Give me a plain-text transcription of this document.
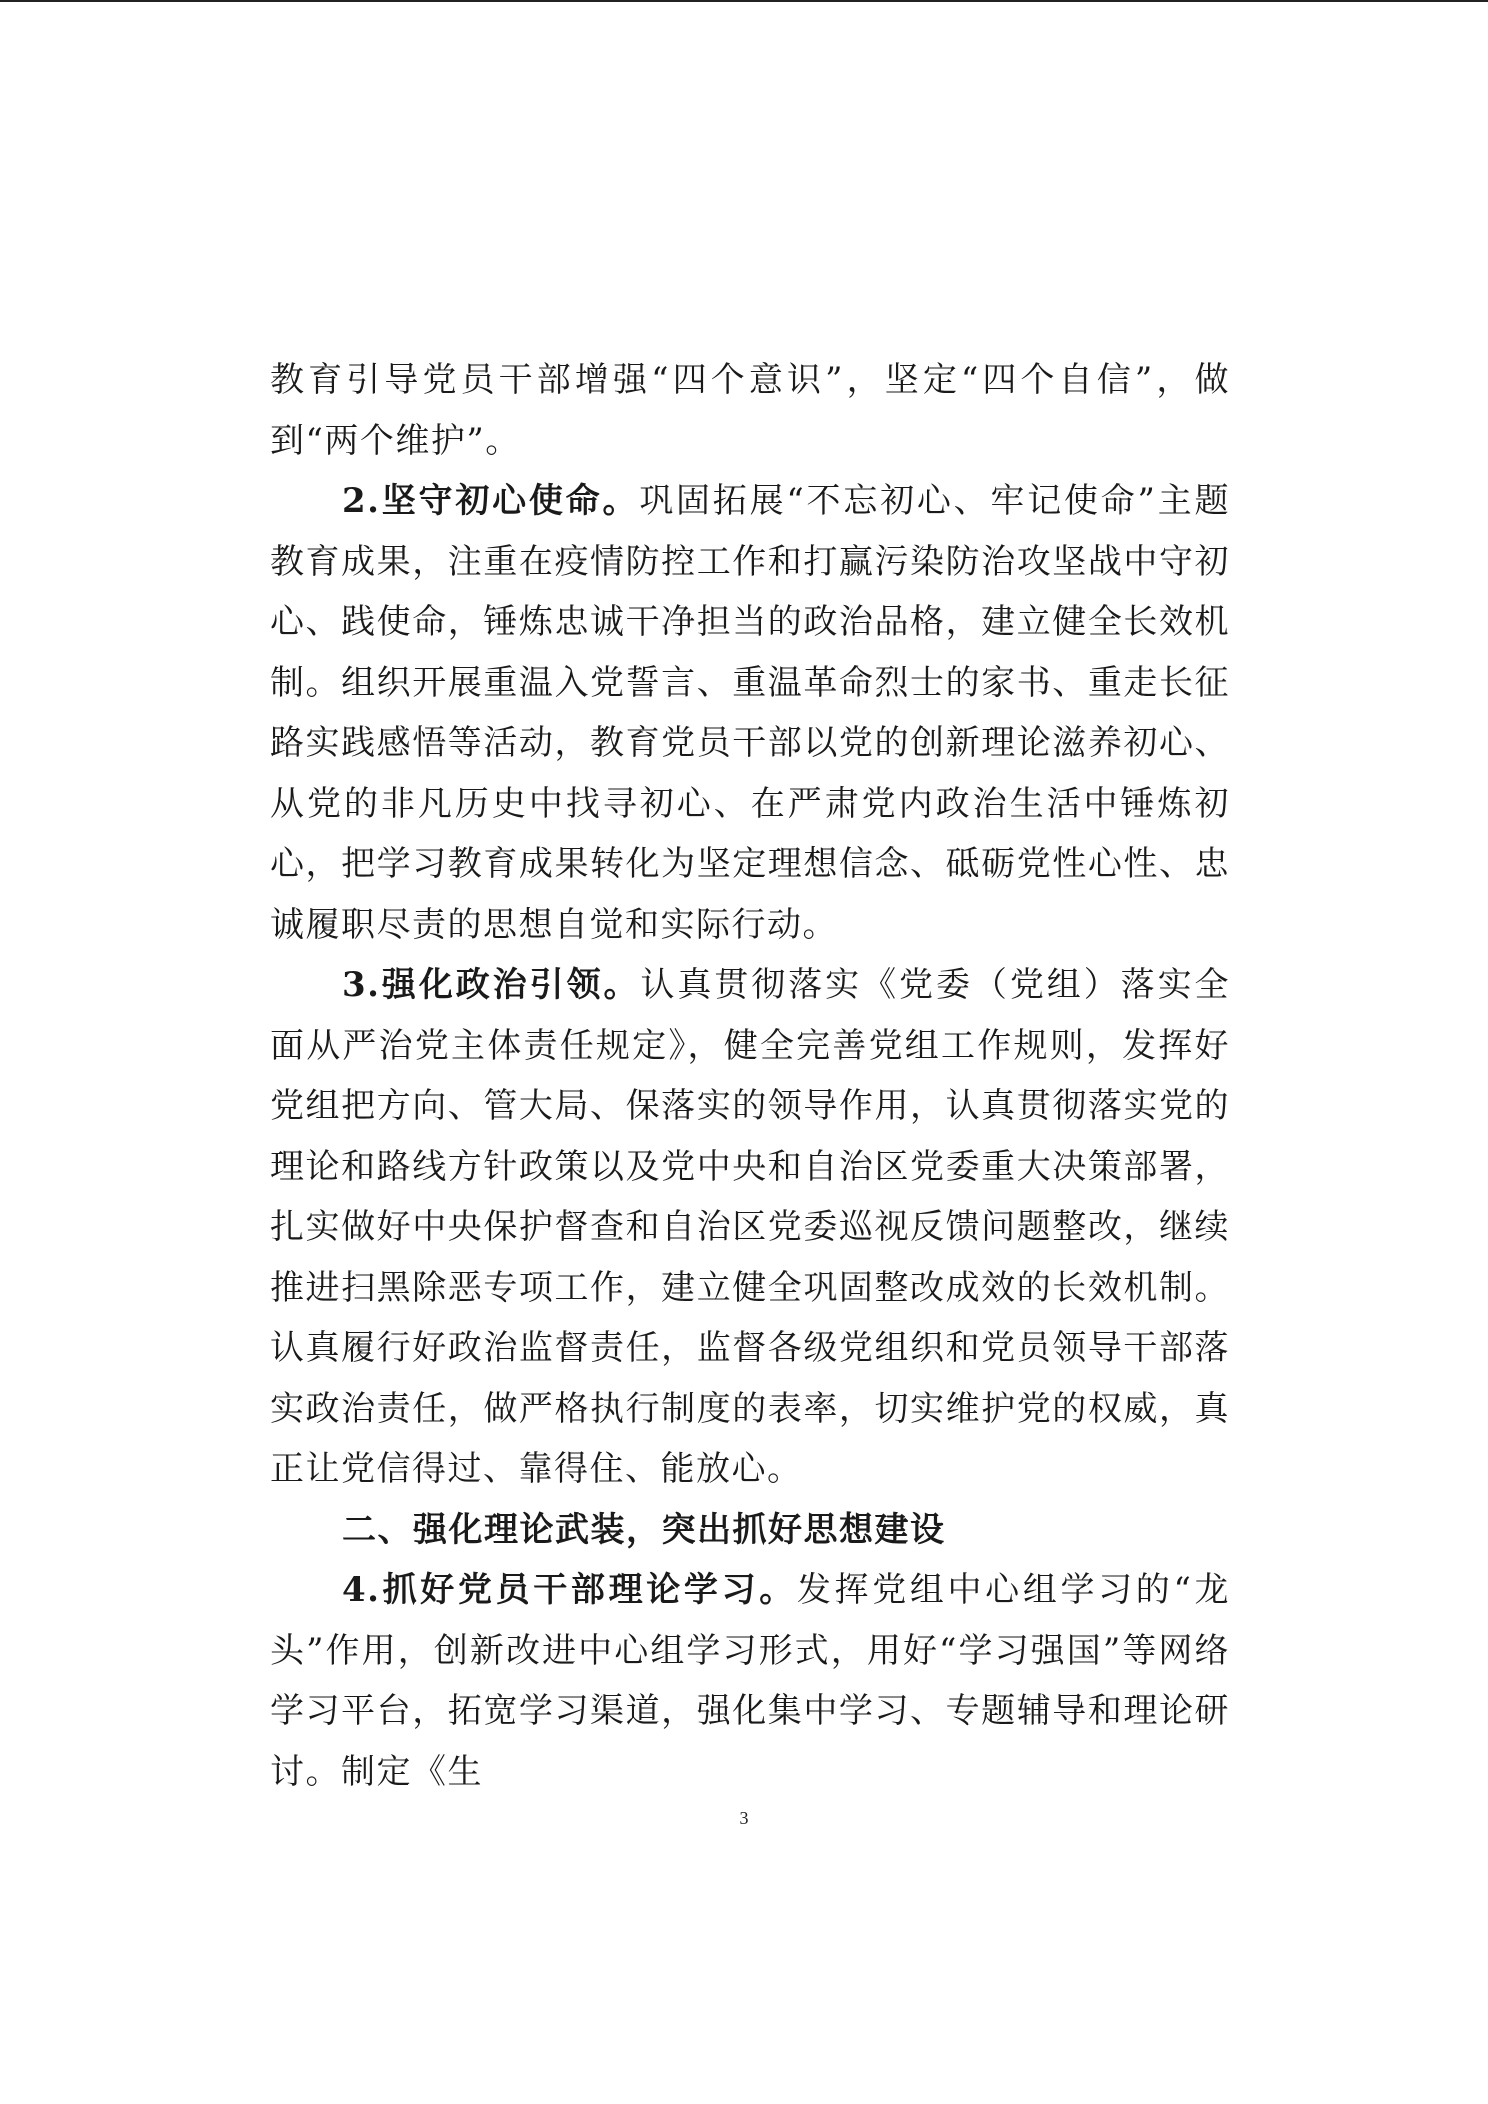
教育引导党员干部增强“四个意识”，坚定“四个自信”，做到“两个维护”。

2.坚守初心使命。巩固拓展“不忘初心、牢记使命”主题教育成果，注重在疫情防控工作和打赢污染防治攻坚战中守初心、践使命，锤炼忠诚干净担当的政治品格，建立健全长效机制。组织开展重温入党誓言、重温革命烈士的家书、重走长征路实践感悟等活动，教育党员干部以党的创新理论滋养初心、从党的非凡历史中找寻初心、在严肃党内政治生活中锤炼初心，把学习教育成果转化为坚定理想信念、砥砺党性心性、忠诚履职尽责的思想自觉和实际行动。

3.强化政治引领。认真贯彻落实《党委（党组）落实全面从严治党主体责任规定》，健全完善党组工作规则，发挥好党组把方向、管大局、保落实的领导作用，认真贯彻落实党的理论和路线方针政策以及党中央和自治区党委重大决策部署，扎实做好中央保护督查和自治区党委巡视反馈问题整改，继续推进扫黑除恶专项工作，建立健全巩固整改成效的长效机制。认真履行好政治监督责任，监督各级党组织和党员领导干部落实政治责任，做严格执行制度的表率，切实维护党的权威，真正让党信得过、靠得住、能放心。

二、强化理论武装，突出抓好思想建设

4.抓好党员干部理论学习。发挥党组中心组学习的“龙头”作用，创新改进中心组学习形式，用好“学习强国”等网络学习平台，拓宽学习渠道，强化集中学习、专题辅导和理论研讨。制定《生

3
